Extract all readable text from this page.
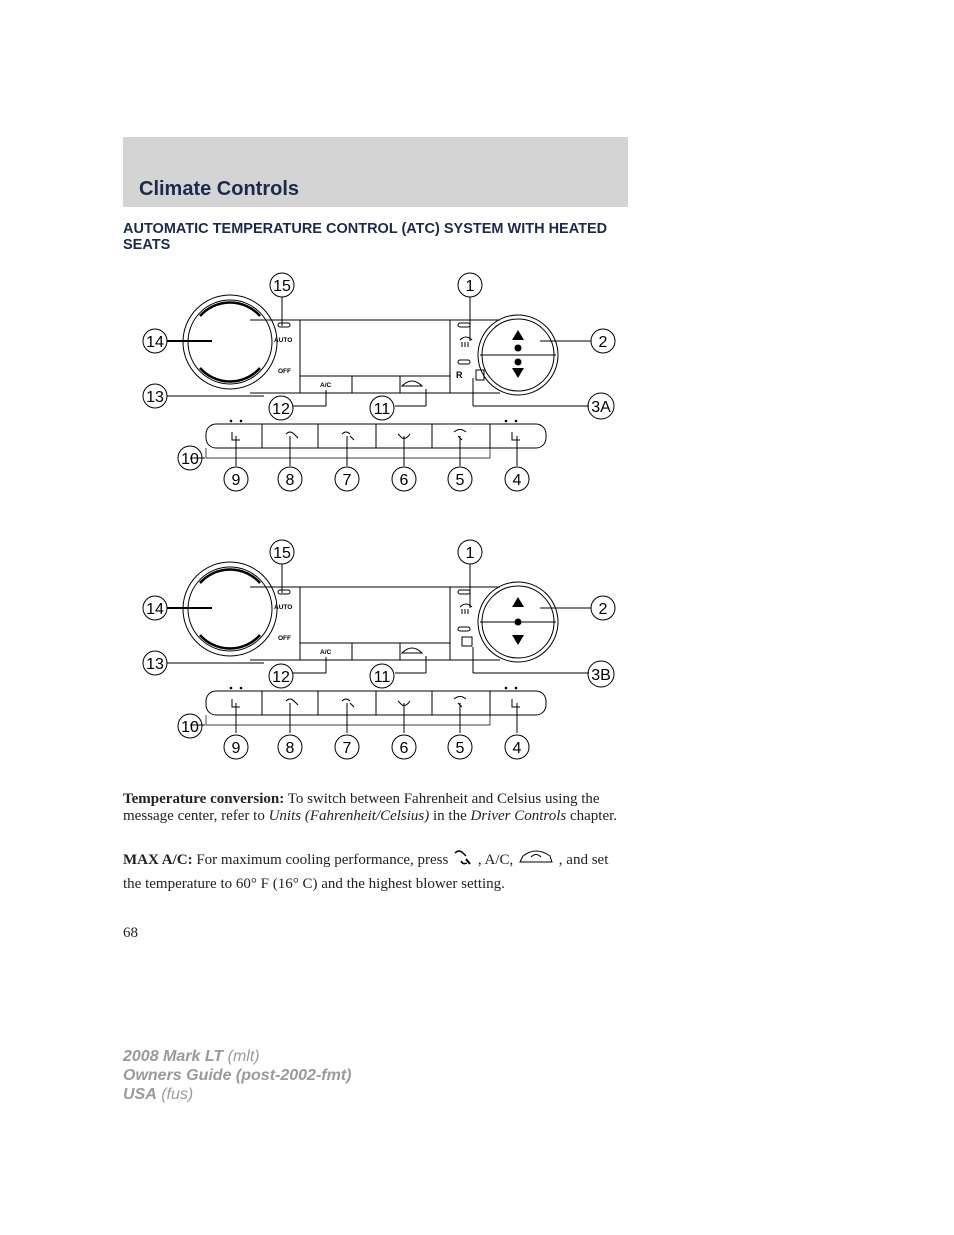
Climate Controls
AUTOMATIC TEMPERATURE CONTROL (ATC) SYSTEM WITH HEATED SEATS
AUTO
OFF
A/C
R
15	1
14	2
13
12	11	3A
10
9	8	7	6	5	4
AUTO
OFF
A/C
15	1
14	2
13
12	11	3B
10
9	8	7	6	5	4
Temperature conversion: To switch between Fahrenheit and Celsius using the message center, refer to Units (Fahrenheit/Celsius) in the Driver Controls chapter.
MAX A/C: For maximum cooling performance, press  , A/C,	, and set the temperature to 60° F (16° C) and the highest blower setting.
68
2008 Mark LT (mlt)
Owners Guide (post-2002-fmt)
USA (fus)
